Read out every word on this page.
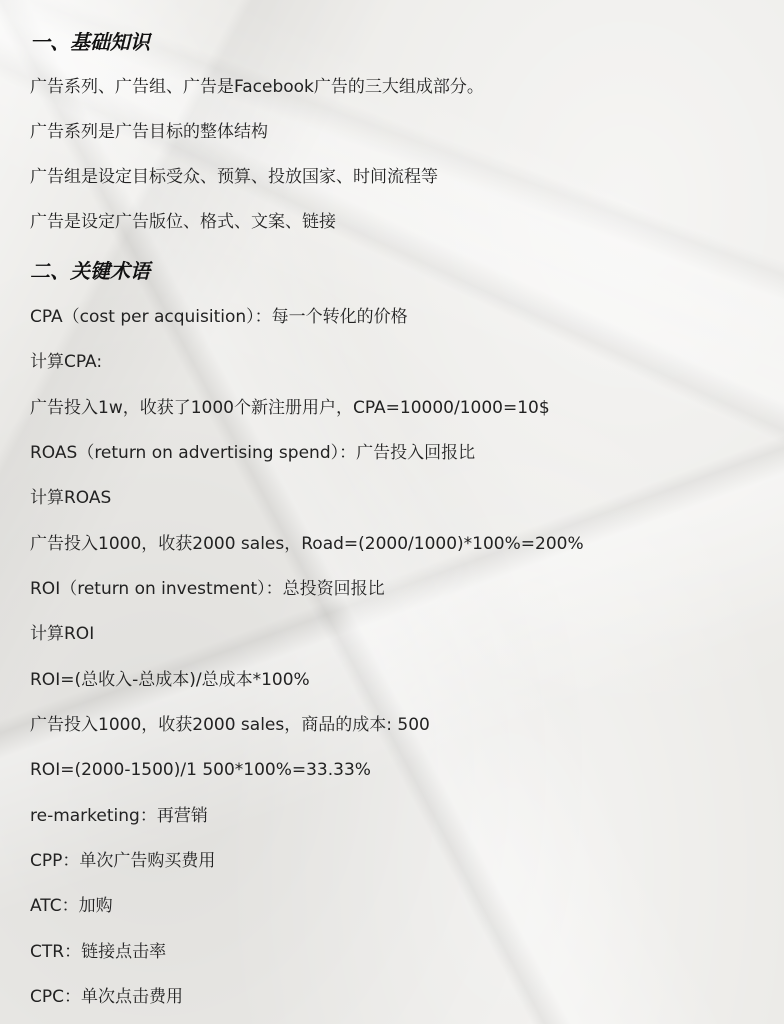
一、基础知识
广告系列、广告组、广告是Facebook广告的三大组成部分。
广告系列是广告目标的整体结构
广告组是设定目标受众、预算、投放国家、时间流程等
广告是设定广告版位、格式、文案、链接
二、关键术语
CPA（cost per acquisition）：每一个转化的价格
计算CPA:
广告投入1w，收获了1000个新注册用户，CPA=10000/1000=10$
ROAS（return on advertising spend）：广告投入回报比
计算ROAS
广告投入1000，收获2000 sales，Road=(2000/1000)*100%=200%
ROI（return on investment）：总投资回报比
计算ROI
ROI=(总收入-总成本)/总成本*100%
广告投入1000，收获2000 sales，商品的成本: 500
ROI=(2000-1500)/1 500*100%=33.33%
re-marketing：再营销
CPP：单次广告购买费用
ATC：加购
CTR：链接点击率
CPC：单次点击费用
